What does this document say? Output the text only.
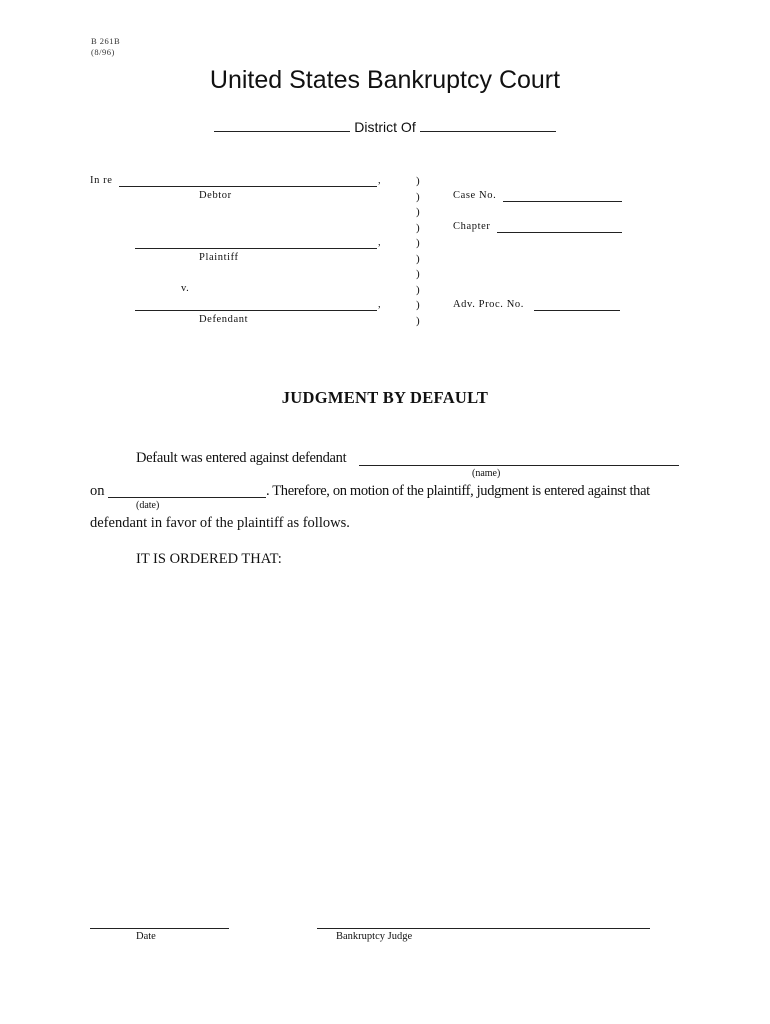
B 261B
(8/96)
United States Bankruptcy Court
District Of
In re	,
Debtor
,
Plaintiff
v.
,
Defendant
)
)
)
)
)
)
)
)
)
)
Case No.
Chapter
Adv. Proc. No.
JUDGMENT BY DEFAULT
Default was entered against defendant
(name)
on	. Therefore, on motion of the plaintiff, judgment is entered against that
(date)
defendant in favor of the plaintiff as follows.
IT IS ORDERED THAT:
Date	Bankruptcy Judge
